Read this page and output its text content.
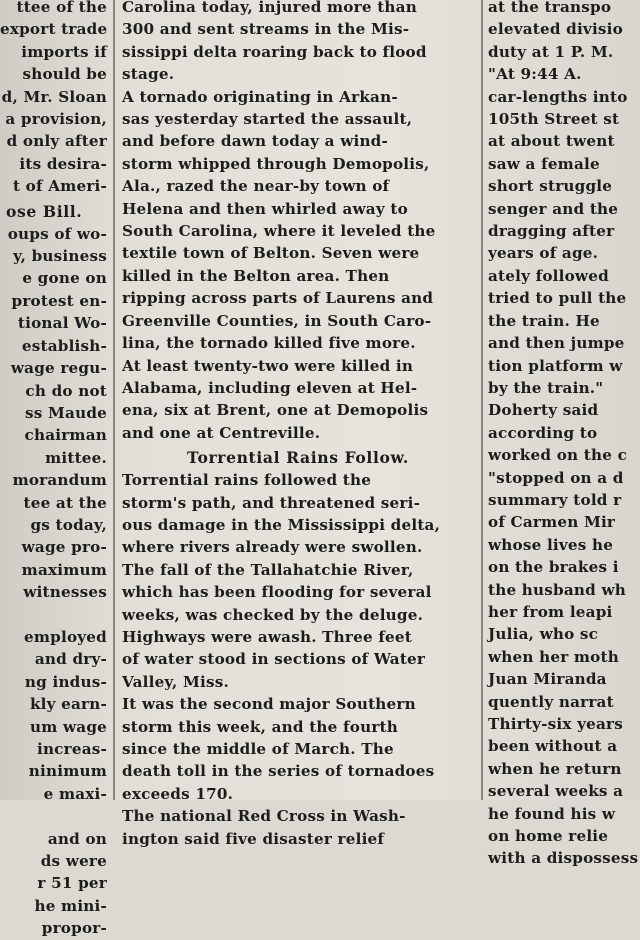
ttee of the
export trade
imports if
should be
d, Mr. Sloan
a provision,
d only after
its desira-
t of Ameri-
ose Bill.
oups of wo-
y, business
e gone on
protest en-
tional Wo-
establish-
wage regu-
ch do not
ss Maude
chairman
mittee.
morandum
tee at the
gs today,
wage pro-
maximum
witnesses

employed
and dry-
ng indus-
kly earn-
um wage
increas-
ninimum
e maxi-

and on
ds were
r 51 per
he mini-
propor-
Carolina today, injured more than
300 and sent streams in the Mis-
sissippi delta roaring back to flood
stage.
A tornado originating in Arkan-
sas yesterday started the assault,
and before dawn today a wind-
storm whipped through Demopolis,
Ala., razed the near-by town of
Helena and then whirled away to
South Carolina, where it leveled the
textile town of Belton. Seven were
killed in the Belton area. Then
ripping across parts of Laurens and
Greenville Counties, in South Caro-
lina, the tornado killed five more.
At least twenty-two were killed in
Alabama, including eleven at Hel-
ena, six at Brent, one at Demopolis
and one at Centreville.
Torrential Rains Follow.
Torrential rains followed the
storm's path, and threatened seri-
ous damage in the Mississippi delta,
where rivers already were swollen.
The fall of the Tallahatchie River,
which has been flooding for several
weeks, was checked by the deluge.
Highways were awash. Three feet
of water stood in sections of Water
Valley, Miss.
It was the second major Southern
storm this week, and the fourth
since the middle of March. The
death toll in the series of tornadoes
exceeds 170.
The national Red Cross in Wash-
ington said five disaster relief
at the transpo
elevated divisio
duty at 1 P. M.
"At 9:44 A.
car-lengths into
105th Street st
at about twent
saw a female
short struggle
senger and the
dragging after
years of age.
ately followed
tried to pull the
the train. He
and then jumpe
tion platform w
by the train."
Doherty said
according to
worked on the c
"stopped on a d
summary told r
of Carmen Mir
whose lives he
on the brakes i
the husband wh
her from leapi
Julia, who sc
when her moth
Juan Miranda
quently narrat
Thirty-six years
been without a
when he return
several weeks a
he found his w
on home relie
with a dispossess
